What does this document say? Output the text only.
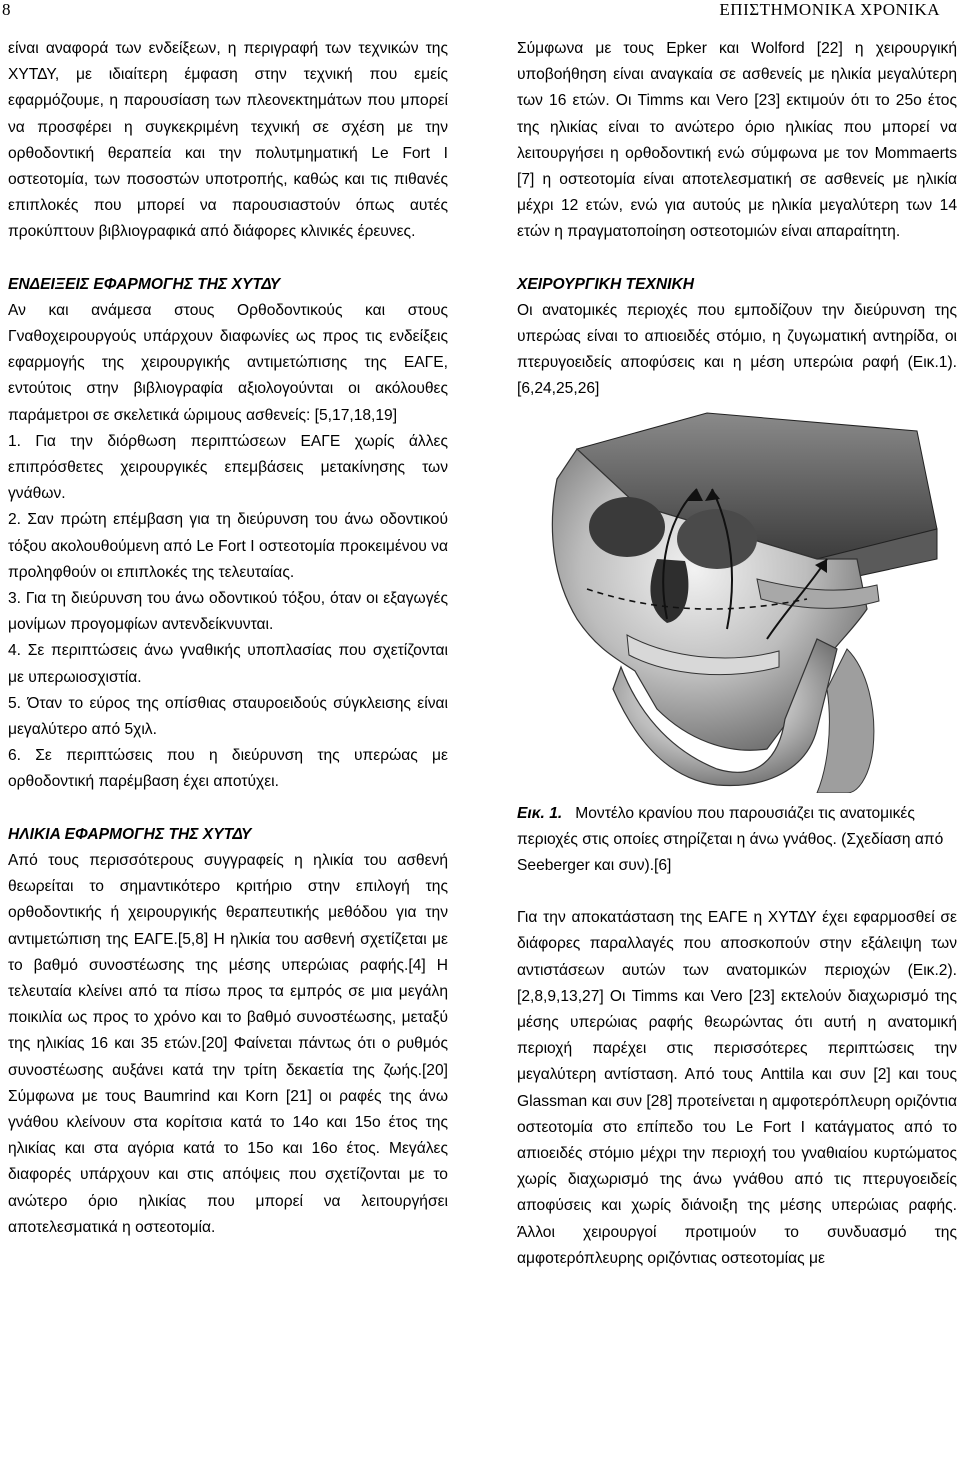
8	ΕΠΙΣΤΗΜΟΝΙΚΑ ΧΡΟΝΙΚΑ

είναι αναφορά των ενδείξεων, η περιγραφή των τεχνικών της ΧΥΤΔΥ, με ιδιαίτερη έμφαση στην τεχνική που εμείς εφαρμόζουμε, η παρουσίαση των πλεονεκτημάτων που μπορεί να προσφέρει η συγκεκριμένη τεχνική σε σχέση με την ορθοδοντική θεραπεία και την πολυτμηματική Le Fort I οστεοτομία, των ποσοστών υποτροπής, καθώς και τις πιθανές επιπλοκές που μπορεί να παρουσιαστούν όπως αυτές προκύπτουν βιβλιογραφικά από διάφορες κλινικές έρευνες.

ΕΝΔΕΙΞΕΙΣ ΕΦΑΡΜΟΓΗΣ ΤΗΣ ΧΥΤΔΥ

Αν και ανάμεσα στους Ορθοδοντικούς και στους Γναθοχειρουργούς υπάρχουν διαφωνίες ως προς τις ενδείξεις εφαρμογής της χειρουργικής αντιμετώπισης της ΕΑΓΕ, εντούτοις στην βιβλιογραφία αξιολογούνται οι ακόλουθες παράμετροι σε σκελετικά ώριμους ασθενείς: [5,17,18,19]

1. Για την διόρθωση περιπτώσεων ΕΑΓΕ χωρίς άλλες επιπρόσθετες χειρουργικές επεμβάσεις μετακίνησης των γνάθων.

2. Σαν πρώτη επέμβαση για τη διεύρυνση του άνω οδοντικού τόξου ακολουθούμενη από Le Fort I οστεοτομία προκειμένου να προληφθούν οι επιπλοκές της τελευταίας.

3. Για τη διεύρυνση του άνω οδοντικού τόξου, όταν οι εξαγωγές μονίμων προγομφίων αντενδείκνυνται.

4. Σε περιπτώσεις άνω γναθικής υποπλασίας που σχετίζονται με υπερωιοσχιστία.

5. Όταν το εύρος της οπίσθιας σταυροειδούς σύγκλεισης είναι μεγαλύτερο από 5χιλ.

6. Σε περιπτώσεις που η διεύρυνση της υπερώας με ορθοδοντική παρέμβαση έχει αποτύχει.

ΗΛΙΚΙΑ ΕΦΑΡΜΟΓΗΣ ΤΗΣ ΧΥΤΔΥ

Από τους περισσότερους συγγραφείς η ηλικία του ασθενή θεωρείται το σημαντικότερο κριτήριο στην επιλογή της ορθοδοντικής ή χειρουργικής θεραπευτικής μεθόδου για την αντιμετώπιση της ΕΑΓΕ.[5,8] Η ηλικία του ασθενή σχετίζεται με το βαθμό συνοστέωσης της μέσης υπερώιας ραφής.[4] Η τελευταία κλείνει από τα πίσω προς τα εμπρός σε μια μεγάλη ποικιλία ως προς το χρόνο και το βαθμό συνοστέωσης, μεταξύ της ηλικίας 16 και 35 ετών.[20] Φαίνεται πάντως ότι ο ρυθμός συνοστέωσης αυξάνει κατά την τρίτη δεκαετία της ζωής.[20] Σύμφωνα με τους Baumrind και Korn [21] οι ραφές της άνω γνάθου κλείνουν στα κορίτσια κατά το 14ο και 15ο έτος της ηλικίας και στα αγόρια κατά το 15ο και 16ο έτος. Μεγάλες διαφορές υπάρχουν και στις απόψεις που σχετίζονται με το ανώτερο όριο ηλικίας που μπορεί να λειτουργήσει αποτελεσματικά η οστεοτομία.

Σύμφωνα με τους Epker και Wolford [22] η χειρουργική υποβοήθηση είναι αναγκαία σε ασθενείς με ηλικία μεγαλύτερη των 16 ετών. Οι Timms και Vero [23] εκτιμούν ότι το 25ο έτος της ηλικίας είναι το ανώτερο όριο ηλικίας που μπορεί να λειτουργήσει η ορθοδοντική ενώ σύμφωνα με τον Mommaerts [7] η οστεοτομία είναι αποτελεσματική σε ασθενείς με ηλικία μέχρι 12 ετών, ενώ για αυτούς με ηλικία μεγαλύτερη των 14 ετών η πραγματοποίηση οστεοτομιών είναι απαραίτητη.

ΧΕΙΡΟΥΡΓΙΚΗ ΤΕΧΝΙΚΗ

Οι ανατομικές περιοχές που εμποδίζουν την διεύρυνση της υπερώας είναι το απιοειδές στόμιο, η ζυγωματική αντηρίδα, οι πτερυγοειδείς αποφύσεις και η μέση υπερώια ραφή (Εικ.1). [6,24,25,26]

Εικ. 1. Μοντέλο κρανίου που παρουσιάζει τις ανατομικές περιοχές στις οποίες στηρίζεται η άνω γνάθος. (Σχεδίαση από Seeberger και συν).[6]

Για την αποκατάσταση της ΕΑΓΕ η ΧΥΤΔΥ έχει εφαρμοσθεί σε διάφορες παραλλαγές που αποσκοπούν στην εξάλειψη των αντιστάσεων αυτών των ανατομικών περιοχών (Εικ.2).[2,8,9,13,27] Οι Timms και Vero [23] εκτελούν διαχωρισμό της μέσης υπερώιας ραφής θεωρώντας ότι αυτή η ανατομική περιοχή παρέχει στις περισσότερες περιπτώσεις την μεγαλύτερη αντίσταση. Από τους Anttila και συν [2] και τους Glassman και συν [28] προτείνεται η αμφοτερόπλευρη οριζόντια οστεοτομία στο επίπεδο του Le Fort I κατάγματος από το απιοειδές στόμιο μέχρι την περιοχή του γναθιαίου κυρτώματος χωρίς διαχωρισμό της άνω γνάθου από τις πτερυγοειδείς αποφύσεις και χωρίς διάνοιξη της μέσης υπερώιας ραφής. Άλλοι χειρουργοί προτιμούν το συνδυασμό της αμφοτερόπλευρης οριζόντιας οστεοτομίας με
